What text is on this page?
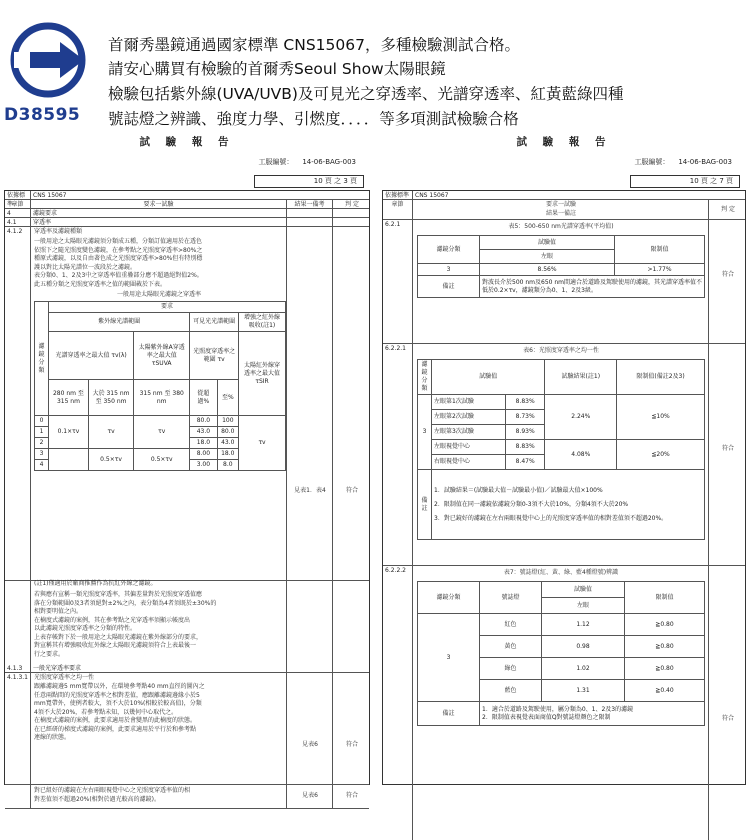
D38595
首爾秀墨鏡通過國家標準 CNS15067，多種檢驗測試合格。
請安心購買有檢驗的首爾秀Seoul Show太陽眼鏡
檢驗包括紫外線(UVA/UVB)及可見光之穿透率、光譜穿透率、紅黃藍綠四種
號誌燈之辨識、強度力學、引燃度．．．．等多項測試檢驗合格
試 驗 報 告
工服編號： 14-06-BAG-003
10 頁 之 3 頁
依據標準
CNS 15067
章節	要求一試驗	結果一備考	判 定
4	濾鏡要求
4.1	穿透率
4.1.2	穿透率及濾鏡種類
一般用途之太陽眼光濾鏡須分類成五種，分類訂值適用於在透色
依照下之隨光照度變色濾鏡，在參考點之光照度穿透率>80%之
種原式濾鏡，以及自由著色成之光照度穿透率>80%但有特別穩
護以對比太陽光譜位一波段於之濾鏡。
表分類0、1、2及3中之穿透率值重疊部分應不超過絕對值2%。
此五種分類之光照度穿透率之值的範圍載於下表。
一般用途太陽眼光濾鏡之穿透率
濾鏡分類	要求					
	紫外線光譜範圍			可見光光譜範圍		增強之紅外線吸收(註1)
	光譜穿透率之最大值 τv(λ)		太陽紫外線A穿透率之最大值 τSUVA	光照度穿透率之範圍 τv		太陽紅外線穿透率之最大值 τSIR
	280 nm 至 315 nm	大於 315 nm 至 350 nm	315 nm 至 380 nm	從超過%	至%	
0	0.1×τv	τv	τv	80.0	100	τv
1				43.0	80.0	
2				18.0	43.0	
3		0.5×τv	0.5×τv	8.00	18.0	
4				3.00	8.0	
見表1．表4	符合
(註1)僅適用於廠商推薦作為抗紅外線之濾鏡。
若與應有宣稱一類光照度穿透率，其偏差量對於光照度穿透值應
落在分類範圍0及3者須絕對±2%之內，表分類為4者須既於±30%的
相對要明值之內。
在楠度式濾鏡的案例，其在參考點之光穿透率須顯示帳度出
以此濾鏡光照度穿透率之分類的特性。
上表存帳對下於一般用途之太陽眼光濾鏡在紫外線部分的要求，
對宣稱其有增強吸收紅外線之太陽眼光濾鏡須符合上表最後一
行之要求。
4.1.3	一般光穿透率要求
4.1.3.1	光照度穿透率之均一性
跟離濾鏡邊5 mm寬帶以外，在環境參考點40 mm直徑的圖內之
任意兩點間的光照度穿透率之相對差值，應跟離濾鏡邊緣小於5
mm寬帶外，使例者較大，須不大於10%(相較於較高值)，分類
4須不大於20%，若參考點未知，以幾何中心取代之。
在楠度式濾鏡的案例，此要求適用於會變黑的此楠度的狀態。
在已經研的梯度式濾鏡的案例，此要求適用於平行於和參考點
連線的狀態。
見表6	符合
對已組好的濾鏡在左右兩眼視覺中心之光照度穿透率值的相
對差值須不超過20%(相對於過光較高的濾鏡)。	見表6	符合
試 驗 報 告
工服編號： 14-06-BAG-003
10 頁 之 7 頁
依據標準 CNS 15067
章節
判 定
要求一試驗
結果一備註
6.2.1	表5：500-650 nm光譜穿透率(平均值)
濾鏡分類	試驗值	限制值
	左眼	
3	8.56%	>1.77%
備註	對波長介於500 nm及650 nm間適合於道路及駕駛使用的濾鏡，其光譜穿透率值不低於0.2×τv，濾鏡類分為0、1、2及3級。	
符合
6.2.2.1	表6：光照度穿透率之均一性
濾鏡分類	試驗值		試驗結果(註1)	限制值(備註2及3)
3	左眼第1次試驗	8.83%	2.24%	≦10%
	左眼第2次試驗	8.73%		
	左眼第3次試驗	8.93%		
	左眼視覺中心	8.83%	4.08%	≦20%
	右眼視覺中心	8.47%		
備註	1．試驗結果＝(試驗最大值－試驗最小值)／試驗最大值×100%
2．限制值在同一濾鏡依濾鏡分類0-3須不大於10%，分類4須不大於20%
3．對已鏡好的濾鏡在左右兩眼視覺中心上的光照度穿透率值的相對差值須不超過20%。			
符合
6.2.2.2	表7：號誌燈(紅、黃、綠、藍4種燈號)辨識
濾鏡分類	號誌燈	試驗值	限制值
		左眼	
3	紅色	1.12	≧0.80
	黃色	0.98	≧0.80
	綠色	1.02	≧0.80
	藍色	1.31	≧0.40
備註	1．適合於道路及駕駛使用，屬分類為0、1、2及3的濾鏡
2．限制值表視覺表面商值Q對號誌燈顏色之限制			符合
